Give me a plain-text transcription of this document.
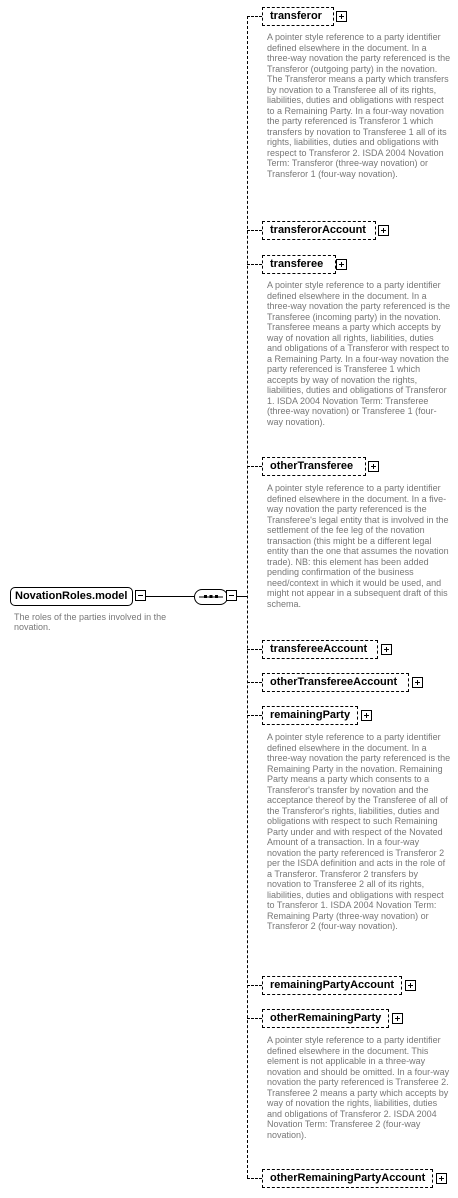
NovationRoles.model
The roles of the parties involved in the novation.
transferor
A pointer style reference to a party identifier defined elsewhere in the document. In a three-way novation the party referenced is the Transferor (outgoing party) in the novation. The Transferor means a party which transfers by novation to a Transferee all of its rights, liabilities, duties and obligations with respect to a Remaining Party. In a four-way novation the party referenced is Transferor 1 which transfers by novation to Transferee 1 all of its rights, liabilities, duties and obligations with respect to Transferor 2. ISDA 2004 Novation Term: Transferor (three-way novation) or Transferor 1 (four-way novation).
transferorAccount
transferee
A pointer style reference to a party identifier defined elsewhere in the document. In a three-way novation the party referenced is the Transferee (incoming party) in the novation. Transferee means a party which accepts by way of novation all rights, liabilities, duties and obligations of a Transferor with respect to a Remaining Party. In a four-way novation the party referenced is Transferee 1 which accepts by way of novation the rights, liabilities, duties and obligations of Transferor 1. ISDA 2004 Novation Term: Transferee (three-way novation) or Transferee 1 (four-way novation).
otherTransferee
A pointer style reference to a party identifier defined elsewhere in the document. In a five-way novation the party referenced is the Transferee's legal entity that is involved in the settlement of the fee leg of the novation transaction (this might be a different legal entity than the one that assumes the novation trade). NB: this element has been added pending confirmation of the business need/context in which it would be used, and might not appear in a subsequent draft of this schema.
transfereeAccount
otherTransfereeAccount
remainingParty
A pointer style reference to a party identifier defined elsewhere in the document. In a three-way novation the party referenced is the Remaining Party in the novation. Remaining Party means a party which consents to a Transferor's transfer by novation and the acceptance thereof by the Transferee of all of the Transferor's rights, liabilities, duties and obligations with respect to such Remaining Party under and with respect of the Novated Amount of a transaction. In a four-way novation the party referenced is Transferor 2 per the ISDA definition and acts in the role of a Transferor. Transferor 2 transfers by novation to Transferee 2 all of its rights, liabilities, duties and obligations with respect to Transferor 1. ISDA 2004 Novation Term: Remaining Party (three-way novation) or Transferor 2 (four-way novation).
remainingPartyAccount
otherRemainingParty
A pointer style reference to a party identifier defined elsewhere in the document. This element is not applicable in a three-way novation and should be omitted. In a four-way novation the party referenced is Transferee 2. Transferee 2 means a party which accepts by way of novation the rights, liabilities, duties and obligations of Transferor 2. ISDA 2004 Novation Term: Transferee 2 (four-way novation).
otherRemainingPartyAccount
